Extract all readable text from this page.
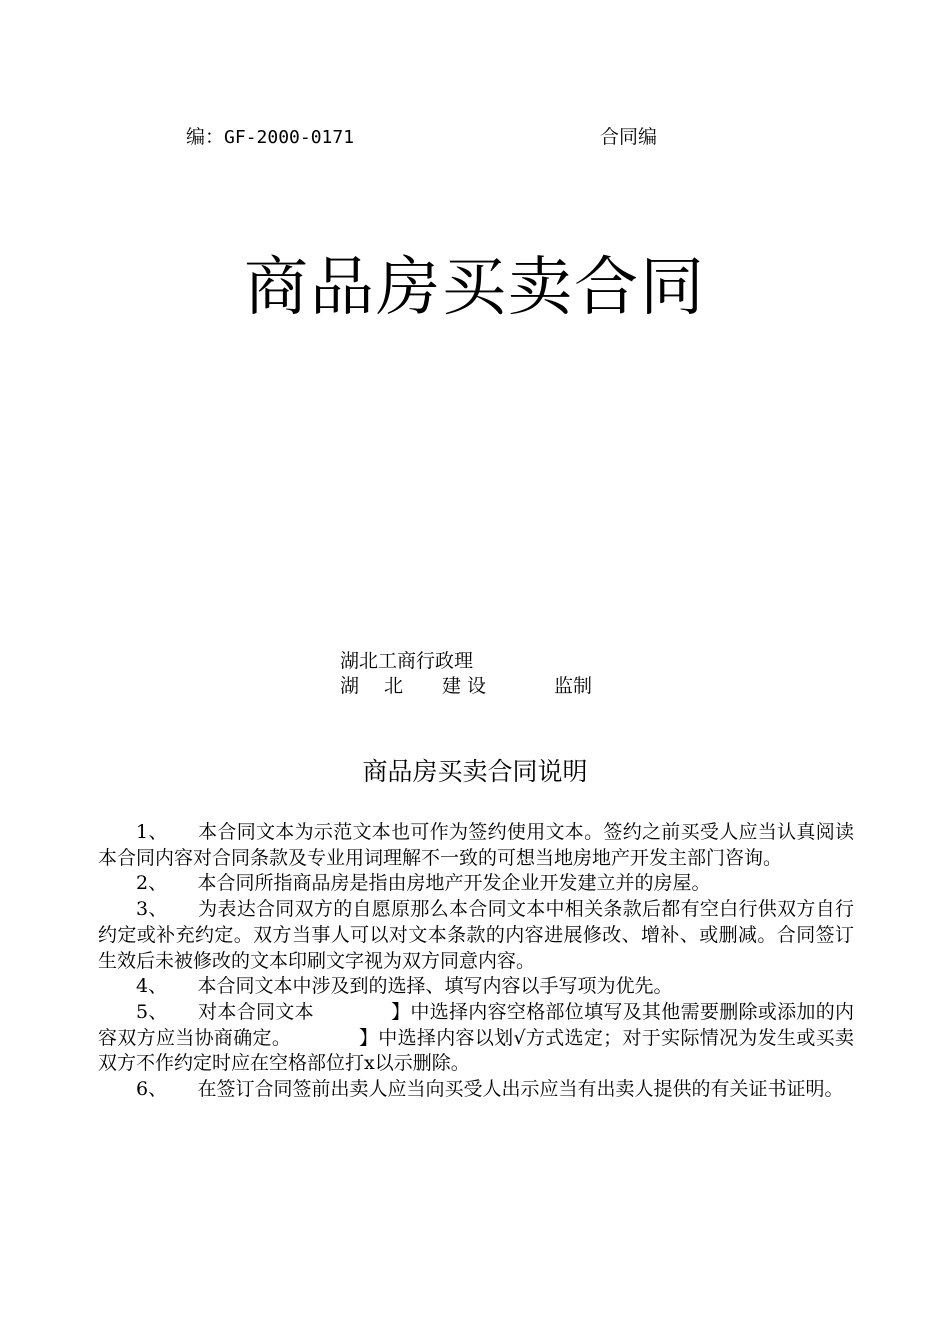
编：GF-2000-0171	合同编
商品房买卖合同
湖北工商行政理
湖 北 建设	监制
商品房买卖合同说明

1、 本合同文本为示范文本也可作为签约使用文本。签约之前买受人应当认真阅读本合同内容对合同条款及专业用词理解不一致的可想当地房地产开发主部门咨询。

2、 本合同所指商品房是指由房地产开发企业开发建立并的房屋。

3、 为表达合同双方的自愿原那么本合同文本中相关条款后都有空白行供双方自行约定或补充约定。双方当事人可以对文本条款的内容进展修改、增补、或删减。合同签订生效后未被修改的文本印刷文字视为双方同意内容。

4、 本合同文本中涉及到的选择、填写内容以手写项为优先。

5、 对本合同文本　　　　】中选择内容空格部位填写及其他需要删除或添加的内容双方应当协商确定。　　　　】中选择内容以划√方式选定；对于实际情况为发生或买卖双方不作约定时应在空格部位打x以示删除。

6、 在签订合同签前出卖人应当向买受人出示应当有出卖人提供的有关证书证明。
